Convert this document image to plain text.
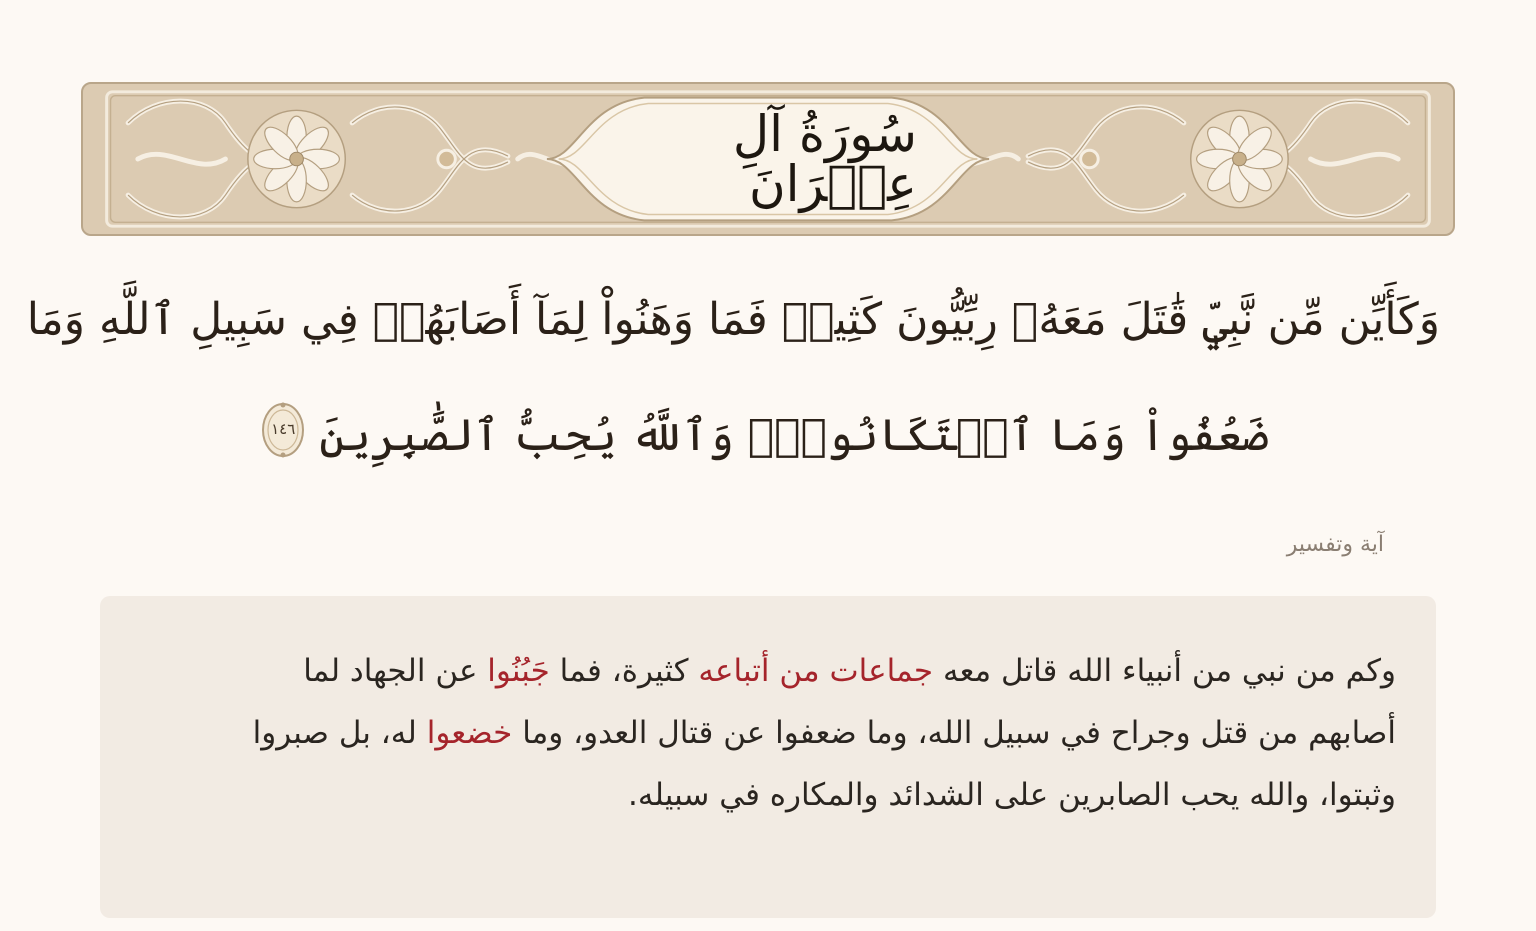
سُورَةُ آلِ عِمۡرَانَ
وَكَأَيِّن مِّن نَّبِيّٖ قَٰتَلَ مَعَهُۥ رِبِّيُّونَ كَثِيرٞ فَمَا وَهَنُواْ لِمَآ أَصَابَهُمۡ فِي سَبِيلِ ٱللَّهِ وَمَا
ضَعُفُواْ وَمَا ٱسۡتَكَانُواْۗ وَٱللَّهُ يُحِبُّ ٱلصَّٰبِرِينَ
١٤٦
آية وتفسير
وكم من نبي من أنبياء الله قاتل معه جماعات من أتباعه كثيرة، فما جَبُنُوا عن الجهاد لما أصابهم من قتل وجراح في سبيل الله، وما ضعفوا عن قتال العدو، وما خضعوا له، بل صبروا وثبتوا، والله يحب الصابرين على الشدائد والمكاره في سبيله.
